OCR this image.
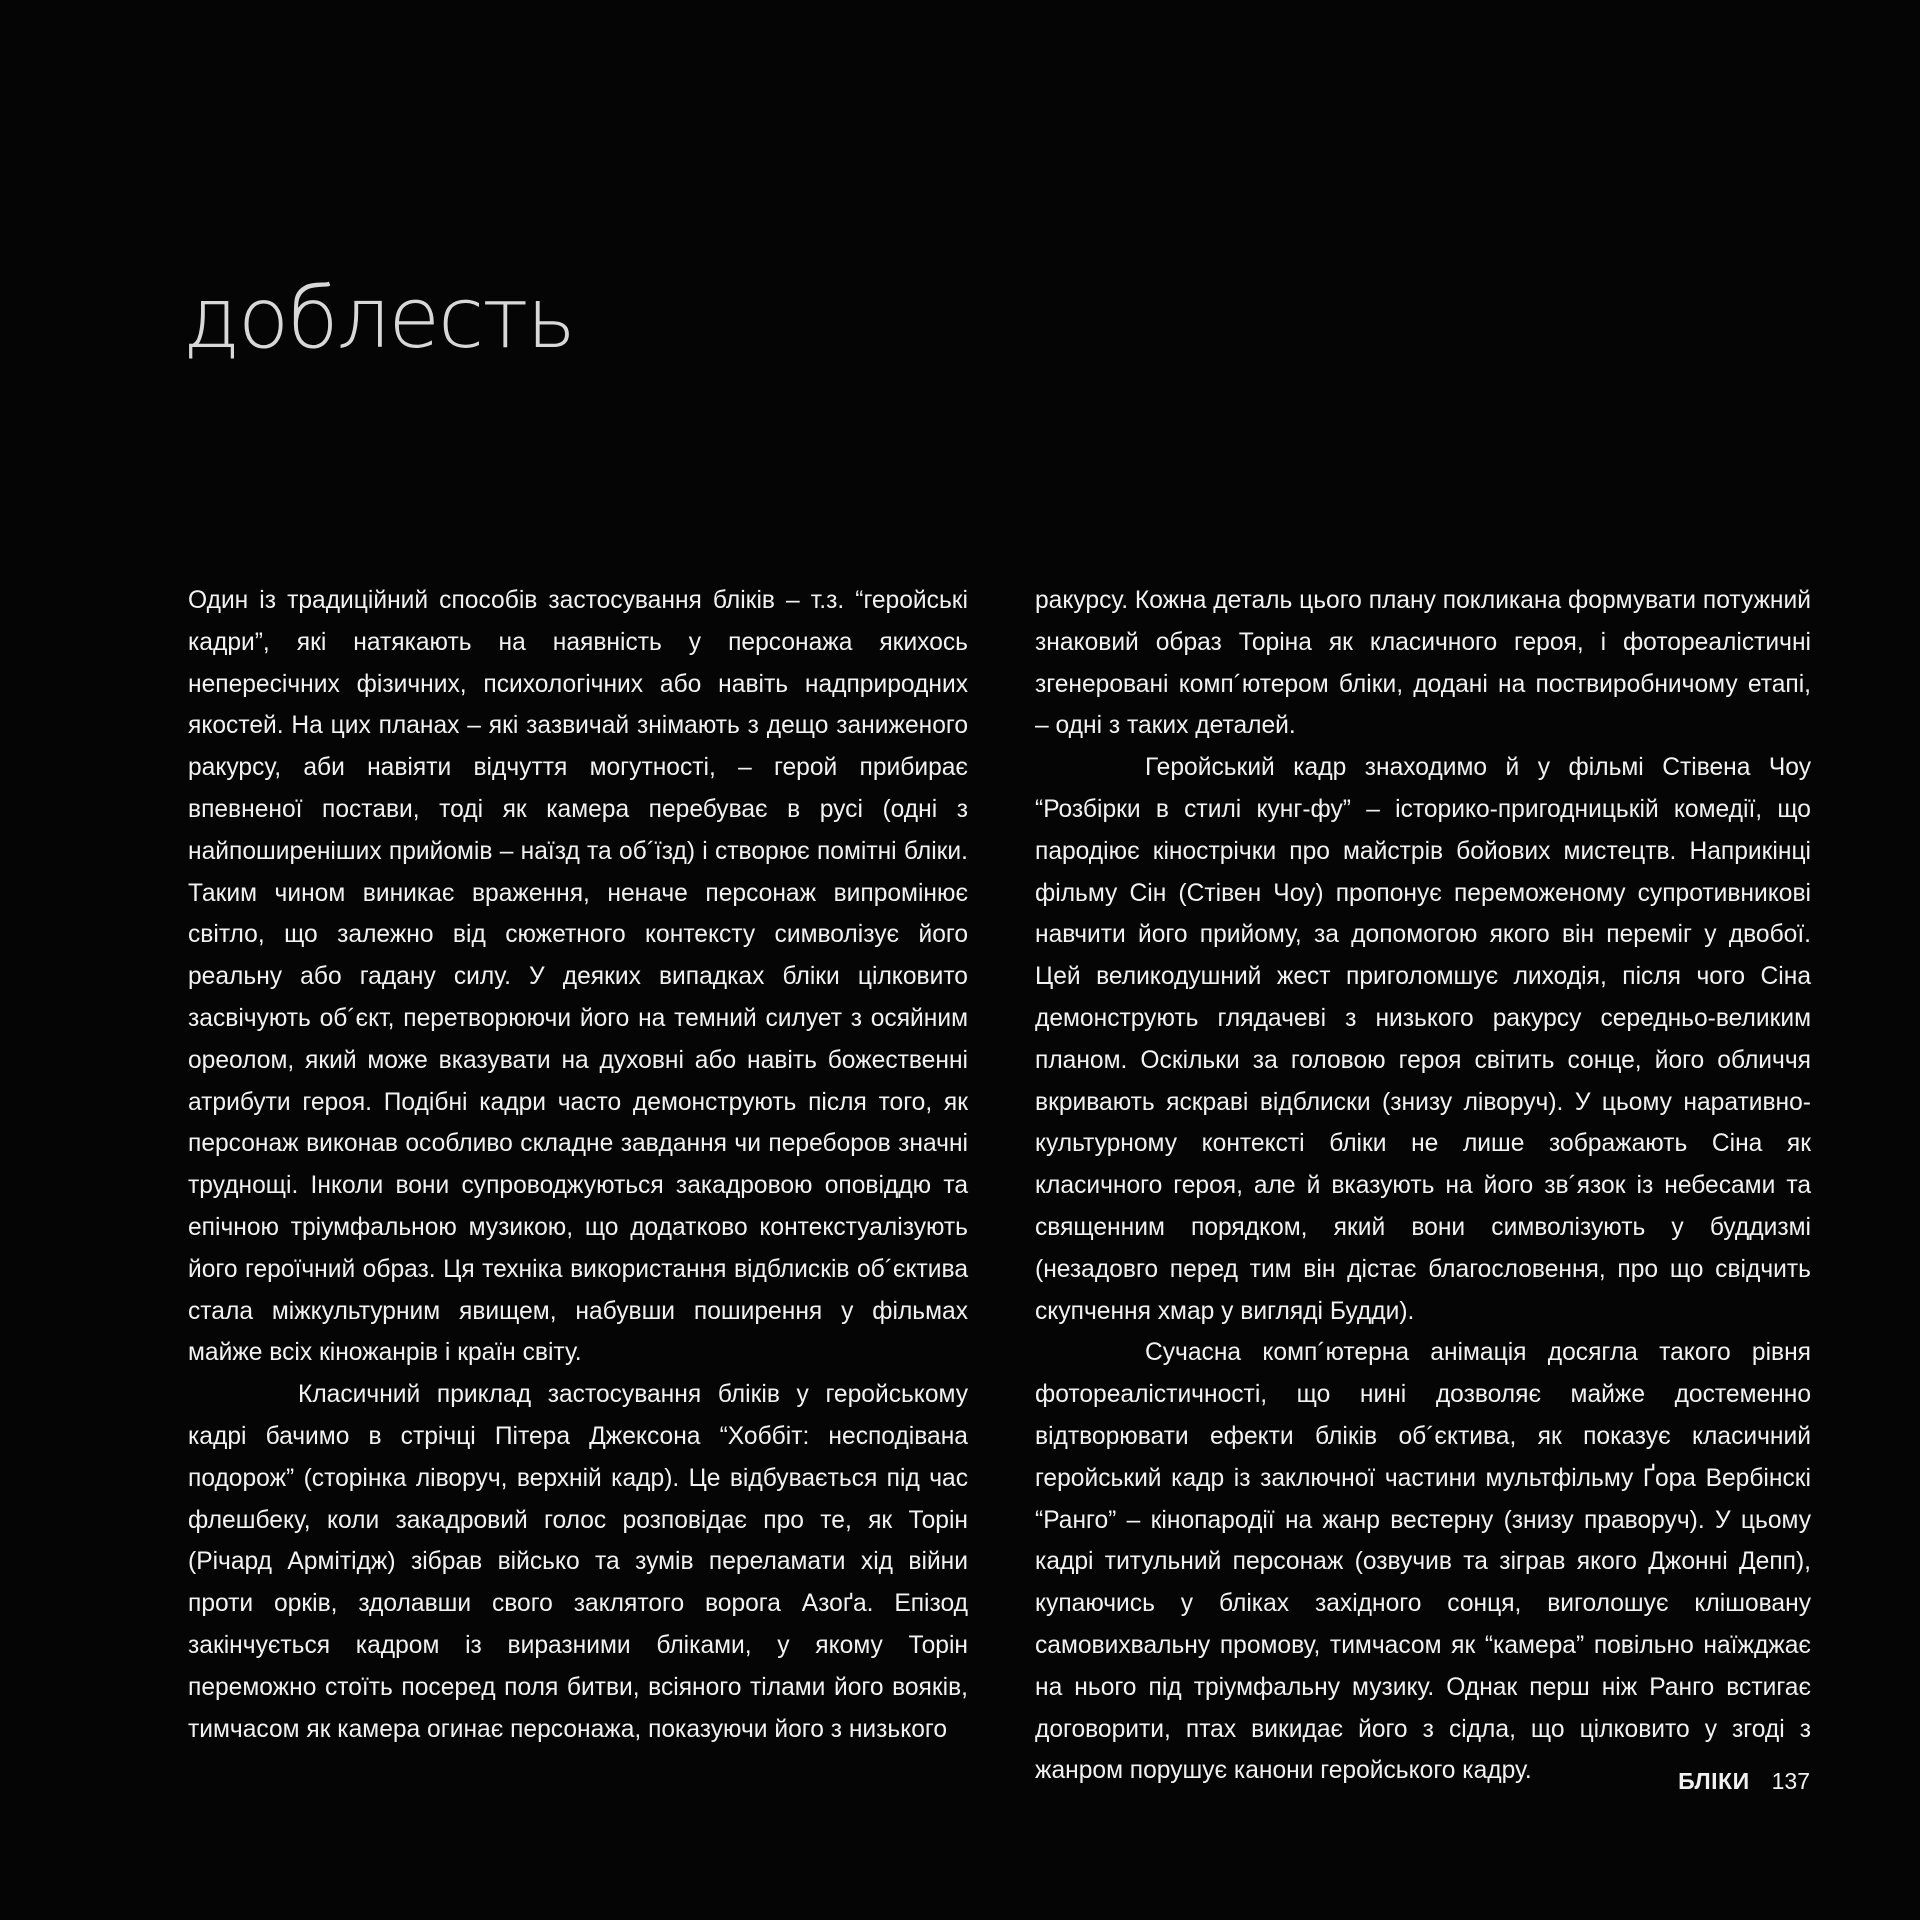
доблесть

Один із традиційний способів застосування бліків – т.з. “геройські кадри”, які натякають на наявність у персонажа якихось непересічних фізичних, психологічних або навіть надприродних якостей. На цих планах – які зазвичай знімають з дещо заниженого ракурсу, аби навіяти відчуття могутності, – герой прибирає впевненої постави, тоді як камера перебуває в русі (одні з найпоширеніших прийомів – наїзд та об´їзд) і створює помітні бліки. Таким чином виникає враження, неначе персонаж випромінює світло, що залежно від сюжетного контексту символізує його реальну або гадану силу. У деяких випадках бліки цілковито засвічують об´єкт, перетворюючи його на темний силует з осяйним ореолом, який може вказувати на духовні або навіть божественні атрибути героя. Подібні кадри часто демонструють після того, як персонаж виконав особливо складне завдання чи переборов значні труднощі. Інколи вони супроводжуються закадровою оповіддю та епічною тріумфальною музикою, що додатково контекстуалізують його героїчний образ. Ця техніка використання відблисків об´єктива стала міжкультурним явищем, набувши поширення у фільмах майже всіх кіножанрів і країн світу.

Класичний приклад застосування бліків у геройському кадрі бачимо в стрічці Пітера Джексона “Хоббіт: несподівана подорож” (сторінка ліворуч, верхній кадр). Це відбувається під час флешбеку, коли закадровий голос розповідає про те, як Торін (Річард Армітідж) зібрав військо та зумів переламати хід війни проти орків, здолавши свого заклятого ворога Азоґа. Епізод закінчується кадром із виразними бліками, у якому Торін переможно стоїть посеред поля битви, всіяного тілами його вояків, тимчасом як камера огинає персонажа, показуючи його з низького

ракурсу. Кожна деталь цього плану покликана формувати потужний знаковий образ Торіна як класичного героя, і фотореалістичні згенеровані комп´ютером бліки, додані на поствиробничому етапі, – одні з таких деталей.

Геройський кадр знаходимо й у фільмі Стівена Чоу “Розбірки в стилі кунг-фу” – історико-пригодницькій комедії, що пародіює кінострічки про майстрів бойових мистецтв. Наприкінці фільму Сін (Стівен Чоу) пропонує переможеному супротивникові навчити його прийому, за допомогою якого він переміг у двобої. Цей великодушний жест приголомшує лиходія, після чого Сіна демонструють глядачеві з низького ракурсу середньо-великим планом. Оскільки за головою героя світить сонце, його обличчя вкривають яскраві відблиски (знизу ліворуч). У цьому наративно-культурному контексті бліки не лише зображають Сіна як класичного героя, але й вказують на його зв´язок із небесами та священним порядком, який вони символізують у буддизмі (незадовго перед тим він дістає благословення, про що свідчить скупчення хмар у вигляді Будди).

Сучасна комп´ютерна анімація досягла такого рівня фотореалістичності, що нині дозволяє майже достеменно відтворювати ефекти бліків об´єктива, як показує класичний геройський кадр із заключної частини мультфільму Ґора Вербінскі “Ранго” – кінопародії на жанр вестерну (знизу праворуч). У цьому кадрі титульний персонаж (озвучив та зіграв якого Джонні Депп), купаючись у бліках західного сонця, виголошує клішовану самовихвальну промову, тимчасом як “камера” повільно наїжджає на нього під тріумфальну музику. Однак перш ніж Ранго встигає договорити, птах викидає його з сідла, що цілковито у згоді з жанром порушує канони геройського кадру.	БЛІКИ 137
